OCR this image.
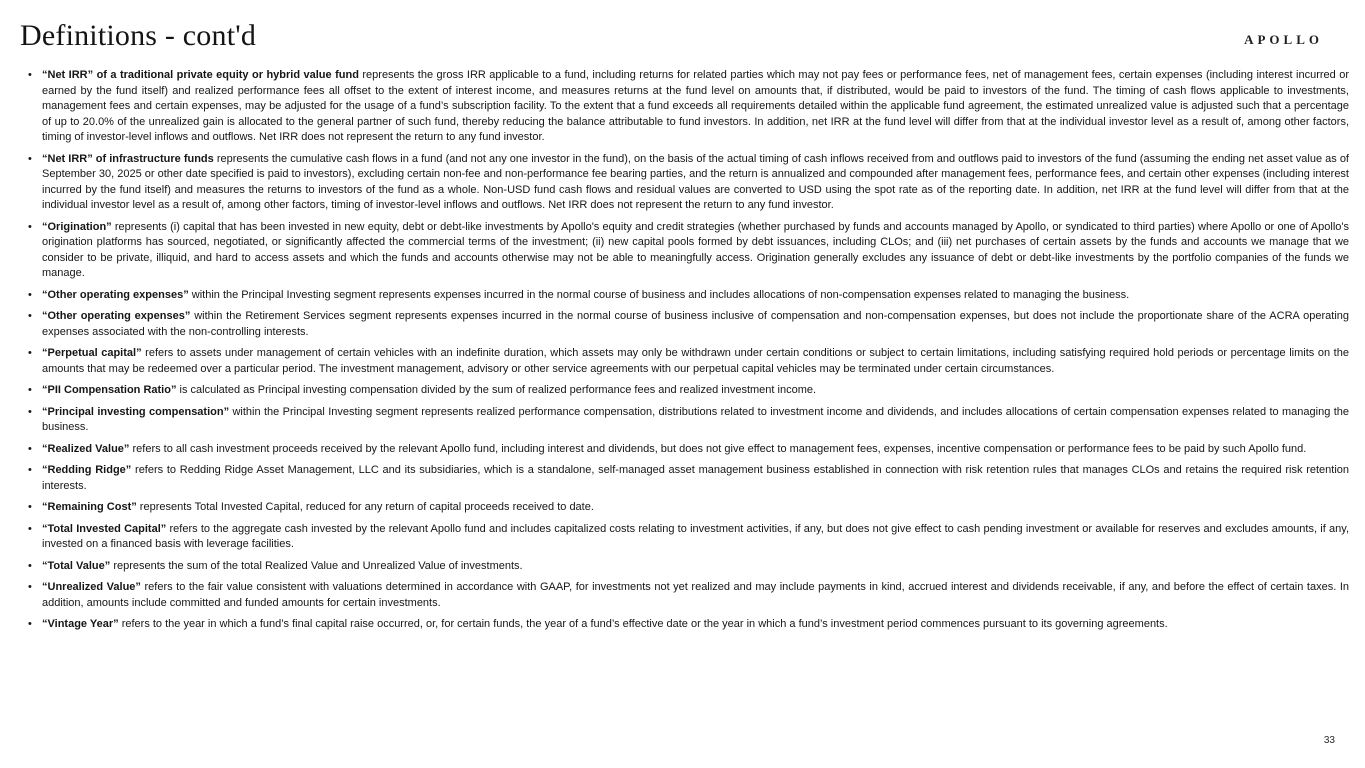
Definitions - cont'd	APOLLO
• “Net IRR” of a traditional private equity or hybrid value fund represents the gross IRR applicable to a fund, including returns for related parties which may not pay fees or performance fees, net of management fees, certain expenses (including interest incurred or earned by the fund itself) and realized performance fees all offset to the extent of interest income, and measures returns at the fund level on amounts that, if distributed, would be paid to investors of the fund. The timing of cash flows applicable to investments, management fees and certain expenses, may be adjusted for the usage of a fund’s subscription facility. To the extent that a fund exceeds all requirements detailed within the applicable fund agreement, the estimated unrealized value is adjusted such that a percentage of up to 20.0% of the unrealized gain is allocated to the general partner of such fund, thereby reducing the balance attributable to fund investors. In addition, net IRR at the fund level will differ from that at the individual investor level as a result of, among other factors, timing of investor-level inflows and outflows. Net IRR does not represent the return to any fund investor.
• “Net IRR” of infrastructure funds represents the cumulative cash flows in a fund (and not any one investor in the fund), on the basis of the actual timing of cash inflows received from and outflows paid to investors of the fund (assuming the ending net asset value as of September 30, 2025 or other date specified is paid to investors), excluding certain non-fee and non-performance fee bearing parties, and the return is annualized and compounded after management fees, performance fees, and certain other expenses (including interest incurred by the fund itself) and measures the returns to investors of the fund as a whole. Non-USD fund cash flows and residual values are converted to USD using the spot rate as of the reporting date. In addition, net IRR at the fund level will differ from that at the individual investor level as a result of, among other factors, timing of investor-level inflows and outflows. Net IRR does not represent the return to any fund investor.
• “Origination” represents (i) capital that has been invested in new equity, debt or debt-like investments by Apollo's equity and credit strategies (whether purchased by funds and accounts managed by Apollo, or syndicated to third parties) where Apollo or one of Apollo's origination platforms has sourced, negotiated, or significantly affected the commercial terms of the investment; (ii) new capital pools formed by debt issuances, including CLOs; and (iii) net purchases of certain assets by the funds and accounts we manage that we consider to be private, illiquid, and hard to access assets and which the funds and accounts otherwise may not be able to meaningfully access. Origination generally excludes any issuance of debt or debt-like investments by the portfolio companies of the funds we manage.
• “Other operating expenses” within the Principal Investing segment represents expenses incurred in the normal course of business and includes allocations of non-compensation expenses related to managing the business.
• “Other operating expenses” within the Retirement Services segment represents expenses incurred in the normal course of business inclusive of compensation and non-compensation expenses, but does not include the proportionate share of the ACRA operating expenses associated with the non-controlling interests.
• “Perpetual capital” refers to assets under management of certain vehicles with an indefinite duration, which assets may only be withdrawn under certain conditions or subject to certain limitations, including satisfying required hold periods or percentage limits on the amounts that may be redeemed over a particular period. The investment management, advisory or other service agreements with our perpetual capital vehicles may be terminated under certain circumstances.
• “PII Compensation Ratio” is calculated as Principal investing compensation divided by the sum of realized performance fees and realized investment income.
• “Principal investing compensation” within the Principal Investing segment represents realized performance compensation, distributions related to investment income and dividends, and includes allocations of certain compensation expenses related to managing the business.
• “Realized Value” refers to all cash investment proceeds received by the relevant Apollo fund, including interest and dividends, but does not give effect to management fees, expenses, incentive compensation or performance fees to be paid by such Apollo fund.
• “Redding Ridge” refers to Redding Ridge Asset Management, LLC and its subsidiaries, which is a standalone, self-managed asset management business established in connection with risk retention rules that manages CLOs and retains the required risk retention interests.
• “Remaining Cost” represents Total Invested Capital, reduced for any return of capital proceeds received to date.
• “Total Invested Capital” refers to the aggregate cash invested by the relevant Apollo fund and includes capitalized costs relating to investment activities, if any, but does not give effect to cash pending investment or available for reserves and excludes amounts, if any, invested on a financed basis with leverage facilities.
• “Total Value” represents the sum of the total Realized Value and Unrealized Value of investments.
• “Unrealized Value” refers to the fair value consistent with valuations determined in accordance with GAAP, for investments not yet realized and may include payments in kind, accrued interest and dividends receivable, if any, and before the effect of certain taxes. In addition, amounts include committed and funded amounts for certain investments.
• “Vintage Year” refers to the year in which a fund’s final capital raise occurred, or, for certain funds, the year of a fund’s effective date or the year in which a fund’s investment period commences pursuant to its governing agreements.
33
